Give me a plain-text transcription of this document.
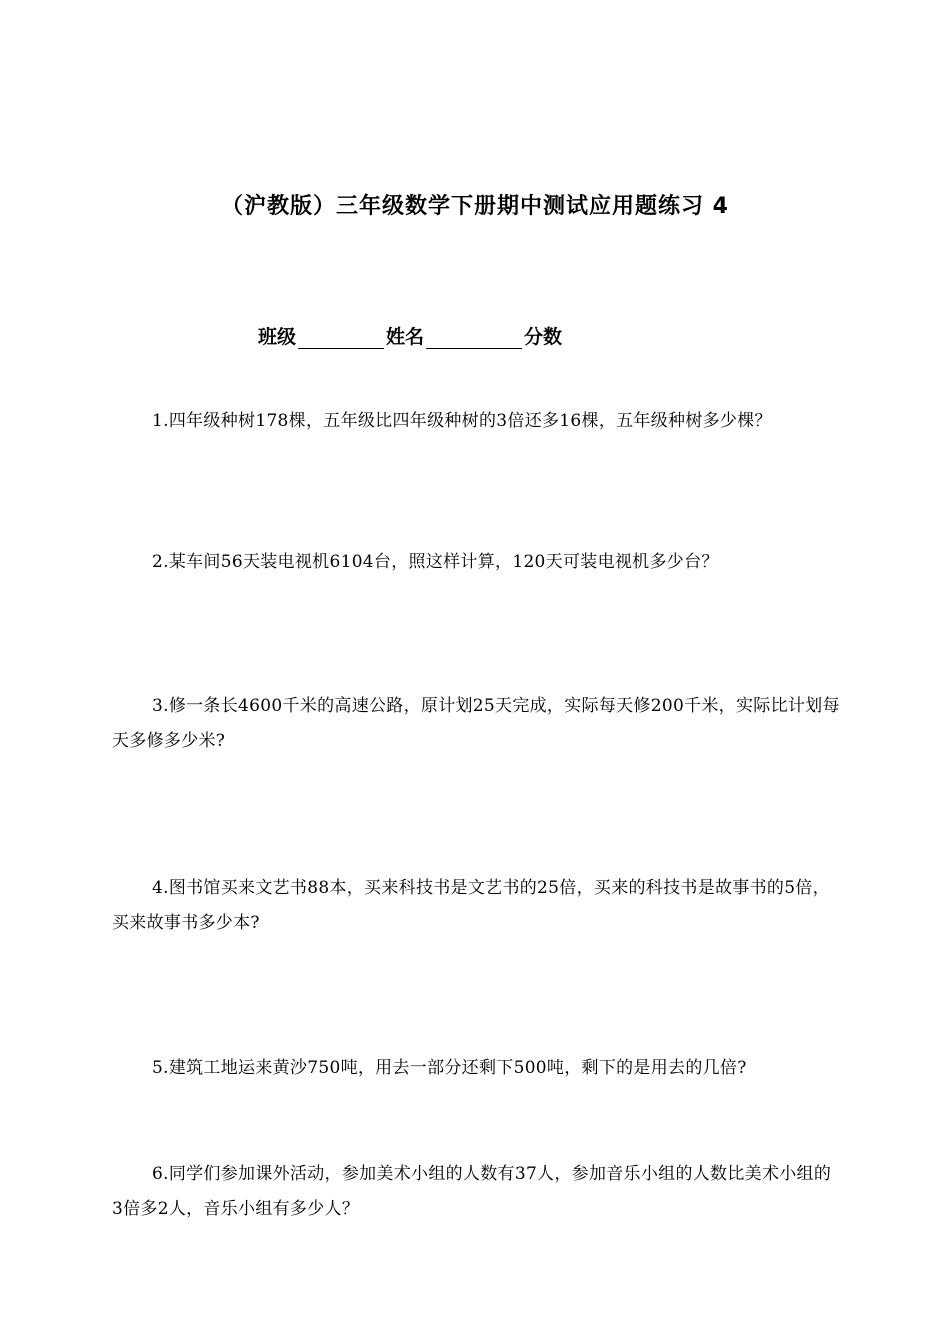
（沪教版）三年级数学下册期中测试应用题练习 4
班级	姓名	分数
1.四年级种树178棵，五年级比四年级种树的3倍还多16棵，五年级种树多少棵？
2.某车间56天装电视机6104台，照这样计算，120天可装电视机多少台？
3.修一条长4600千米的高速公路，原计划25天完成，实际每天修200千米，实际比计划每天多修多少米?
4.图书馆买来文艺书88本，买来科技书是文艺书的25倍，买来的科技书是故事书的5倍，买来故事书多少本?
5.建筑工地运来黄沙750吨，用去一部分还剩下500吨，剩下的是用去的几倍?
6.同学们参加课外活动，参加美术小组的人数有37人，参加音乐小组的人数比美术小组的3倍多2人，音乐小组有多少人？
